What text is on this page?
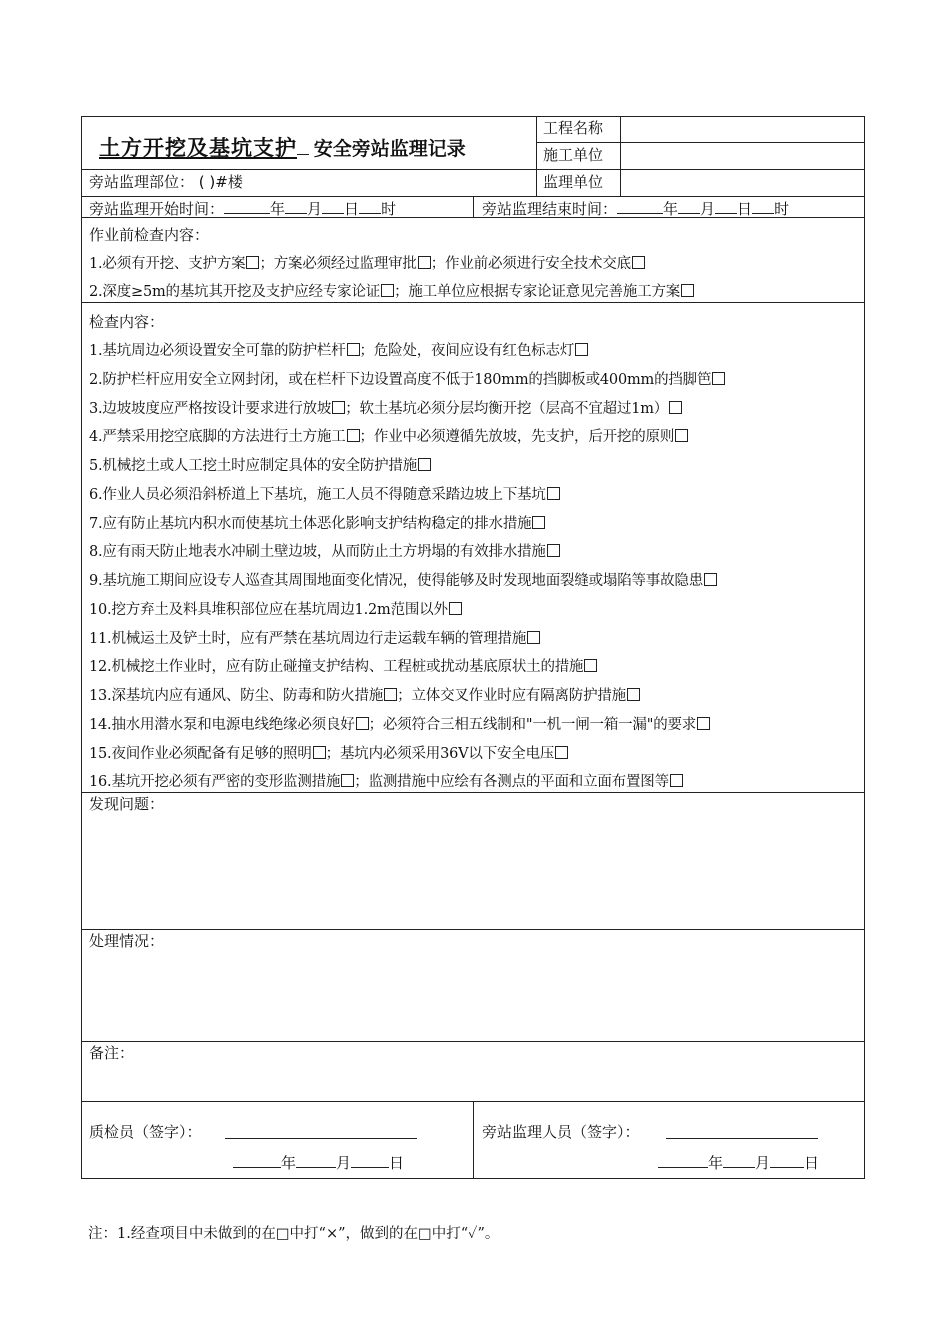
土方开挖及基坑支护 安全旁站监理记录
工程名称
施工单位
监理单位
旁站监理部位： ( )#楼
旁站监理开始时间：	年 月 日 时	旁站监理结束时间：	年 月 日 时
作业前检查内容：
1.必须有开挖、支护方案 ；方案必须经过监理审批 ；作业前必须进行安全技术交底
2.深度≥5m的基坑其开挖及支护应经专家论证 ；施工单位应根据专家论证意见完善施工方案
检查内容：
1.基坑周边必须设置安全可靠的防护栏杆 ；危险处，夜间应设有红色标志灯
2.防护栏杆应用安全立网封闭，或在栏杆下边设置高度不低于180mm的挡脚板或400mm的挡脚笆
3.边坡坡度应严格按设计要求进行放坡 ；软土基坑必须分层均衡开挖（层高不宜超过1m）
4.严禁采用挖空底脚的方法进行土方施工 ；作业中必须遵循先放坡，先支护，后开挖的原则
5.机械挖土或人工挖土时应制定具体的安全防护措施
6.作业人员必须沿斜桥道上下基坑，施工人员不得随意采踏边坡上下基坑
7.应有防止基坑内积水而使基坑土体恶化影响支护结构稳定的排水措施
8.应有雨天防止地表水冲刷土壁边坡，从而防止土方坍塌的有效排水措施
9.基坑施工期间应设专人巡查其周围地面变化情况，使得能够及时发现地面裂缝或塌陷等事故隐患
10.挖方弃土及料具堆积部位应在基坑周边1.2m范围以外
11.机械运土及铲土时，应有严禁在基坑周边行走运载车辆的管理措施
12.机械挖土作业时，应有防止碰撞支护结构、工程桩或扰动基底原状土的措施
13.深基坑内应有通风、防尘、防毒和防火措施 ；立体交叉作业时应有隔离防护措施
14.抽水用潜水泵和电源电线绝缘必须良好 ；必须符合三相五线制和"一机一闸一箱一漏"的要求
15.夜间作业必须配备有足够的照明 ；基坑内必须采用36V以下安全电压
16.基坑开挖必须有严密的变形监测措施 ；监测措施中应绘有各测点的平面和立面布置图等
发现问题：
处理情况：
备注：
质检员（签字）：
年	月	日
旁站监理人员（签字）：
年 月 日
注：1.经查项目中未做到的在□中打“×”，做到的在□中打“✓”。
